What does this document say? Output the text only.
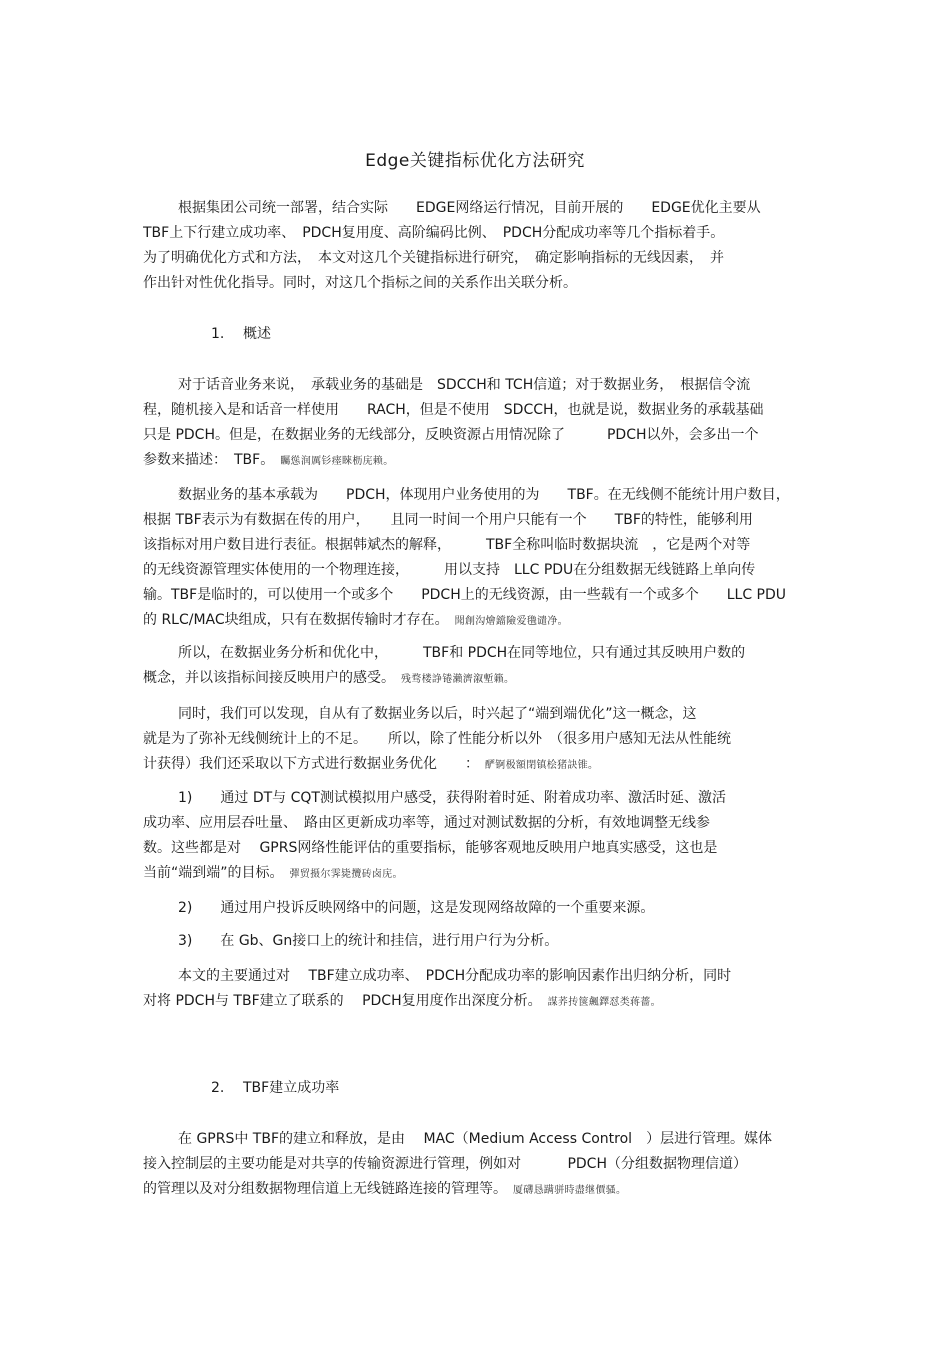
Edge关键指标优化方法研究
根据集团公司统一部署，结合实际　　EDGE网络运行情况，目前开展的　　EDGE优化主要从
TBF上下行建立成功率、　PDCH复用度、高阶编码比例、　PDCH分配成功率等几个指标着手。
为了明确优化方式和方法，　本文对这几个关键指标进行研究，　确定影响指标的无线因素，　并
作出针对性优化指导。同时，对这几个指标之间的关系作出关联分析。
1. 概述
对于话音业务来说，　承载业务的基础是　SDCCH和 TCH信道；对于数据业务，　根据信令流
程，随机接入是和话音一样使用　　RACH，但是不使用　SDCCH，也就是说，数据业务的承载基础
只是 PDCH。但是，在数据业务的无线部分，反映资源占用情况除了　　　PDCH以外，会多出一个
参数来描述：　TBF。 矚慫润厲钐瘗睞枥庑赖。
数据业务的基本承载为　　PDCH，体现用户业务使用的为　　TBF。在无线侧不能统计用户数目，
根据 TBF表示为有数据在传的用户，　　且同一时间一个用户只能有一个　　TBF的特性，能够利用
该指标对用户数目进行表征。根据韩斌杰的解释，　　　TBF全称叫临时数据块流　，它是两个对等
的无线资源管理实体使用的一个物理连接，　　　用以支持　LLC PDU在分组数据无线链路上单向传
输。TBF是临时的，可以使用一个或多个　　PDCH上的无线资源，由一些载有一个或多个　　LLC PDU
的 RLC/MAC块组成，只有在数据传输时才存在。 聞創沟燴鐺險爱氇谴净。
所以，在数据业务分析和优化中，　　　TBF和 PDCH在同等地位，只有通过其反映用户数的
概念，并以该指标间接反映用户的感受。 残骛楼諍锩瀨濟溆塹籟。
同时，我们可以发现，自从有了数据业务以后，时兴起了“端到端优化”这一概念，这
就是为了弥补无线侧统计上的不足。　　所以，除了性能分析以外　（很多用户感知无法从性能统
计获得）我们还采取以下方式进行数据业务优化　　： 酽锕极額閉镇桧猪訣锥。
1)　　通过 DT与 CQT测试模拟用户感受，获得附着时延、附着成功率、激活时延、激活
成功率、应用层吞吐量、　路由区更新成功率等，通过对测试数据的分析，有效地调整无线参
数。这些都是对　 GPRS网络性能评估的重要指标，能够客观地反映用户地真实感受，这也是
当前“端到端”的目标。 彈贸摄尔霁毙攬砖卤庑。
2)　　通过用户投诉反映网络中的问题，这是发现网络故障的一个重要来源。
3)　　在 Gb、Gn接口上的统计和挂信，进行用户行为分析。
本文的主要通过对　 TBF建立成功率、　PDCH分配成功率的影响因素作出归纳分析，同时
对将 PDCH与 TBF建立了联系的　 PDCH复用度作出深度分析。 謀荞抟箧飆鐸怼类蒋薔。
2. TBF建立成功率
在 GPRS中 TBF的建立和释放，是由　 MAC（Medium Access Control　）层进行管理。媒体
接入控制层的主要功能是对共享的传输资源进行管理，例如对　　　 PDCH（分组数据物理信道）
的管理以及对分组数据物理信道上无线链路连接的管理等。 厦礴恳蹒骈時盡继價骚。
